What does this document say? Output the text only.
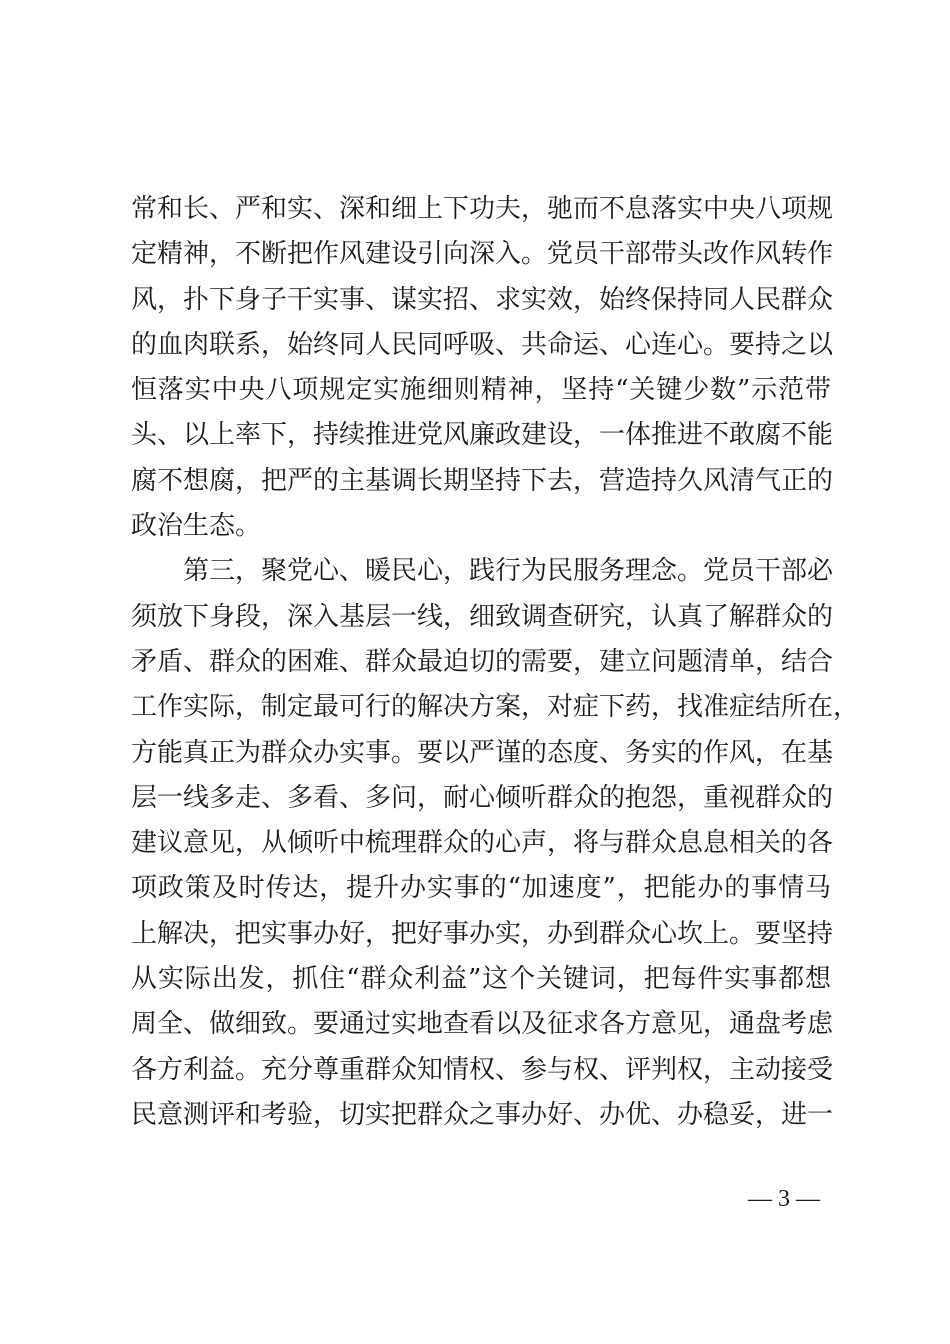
常和长、严和实、深和细上下功夫，驰而不息落实中央八项规
定精神，不断把作风建设引向深入。党员干部带头改作风转作
风，扑下身子干实事、谋实招、求实效，始终保持同人民群众
的血肉联系，始终同人民同呼吸、共命运、心连心。要持之以
恒落实中央八项规定实施细则精神，坚持“关键少数”示范带
头、以上率下，持续推进党风廉政建设，一体推进不敢腐不能
腐不想腐，把严的主基调长期坚持下去，营造持久风清气正的
政治生态。
第三，聚党心、暖民心，践行为民服务理念。党员干部必
须放下身段，深入基层一线，细致调查研究，认真了解群众的
矛盾、群众的困难、群众最迫切的需要，建立问题清单，结合
工作实际，制定最可行的解决方案，对症下药，找准症结所在，
方能真正为群众办实事。要以严谨的态度、务实的作风，在基
层一线多走、多看、多问，耐心倾听群众的抱怨，重视群众的
建议意见，从倾听中梳理群众的心声，将与群众息息相关的各
项政策及时传达，提升办实事的“加速度”，把能办的事情马
上解决，把实事办好，把好事办实，办到群众心坎上。要坚持
从实际出发，抓住“群众利益”这个关键词，把每件实事都想
周全、做细致。要通过实地查看以及征求各方意见，通盘考虑
各方利益。充分尊重群众知情权、参与权、评判权，主动接受
民意测评和考验，切实把群众之事办好、办优、办稳妥，进一
— 3 —
